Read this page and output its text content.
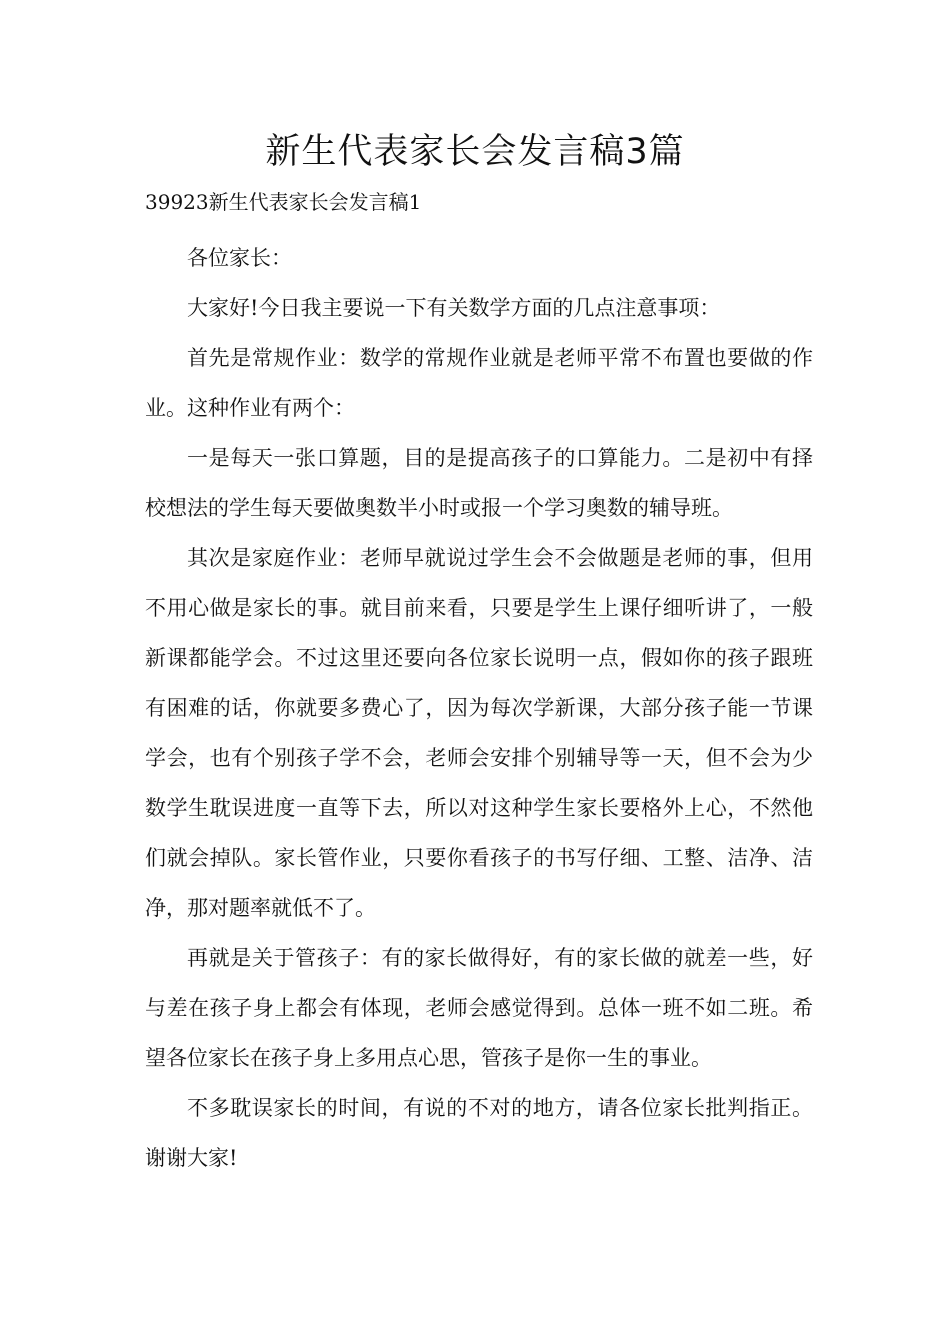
新生代表家长会发言稿3篇
39923新生代表家长会发言稿1

各位家长：

大家好!今日我主要说一下有关数学方面的几点注意事项：

首先是常规作业：数学的常规作业就是老师平常不布置也要做的作业。这种作业有两个：

一是每天一张口算题，目的是提高孩子的口算能力。二是初中有择校想法的学生每天要做奥数半小时或报一个学习奥数的辅导班。

其次是家庭作业：老师早就说过学生会不会做题是老师的事，但用不用心做是家长的事。就目前来看，只要是学生上课仔细听讲了，一般新课都能学会。不过这里还要向各位家长说明一点，假如你的孩子跟班有困难的话，你就要多费心了，因为每次学新课，大部分孩子能一节课学会，也有个别孩子学不会，老师会安排个别辅导等一天，但不会为少数学生耽误进度一直等下去，所以对这种学生家长要格外上心，不然他们就会掉队。家长管作业，只要你看孩子的书写仔细、工整、洁净、洁净，那对题率就低不了。

再就是关于管孩子：有的家长做得好，有的家长做的就差一些，好与差在孩子身上都会有体现，老师会感觉得到。总体一班不如二班。希望各位家长在孩子身上多用点心思，管孩子是你一生的事业。

不多耽误家长的时间，有说的不对的地方，请各位家长批判指正。谢谢大家!
